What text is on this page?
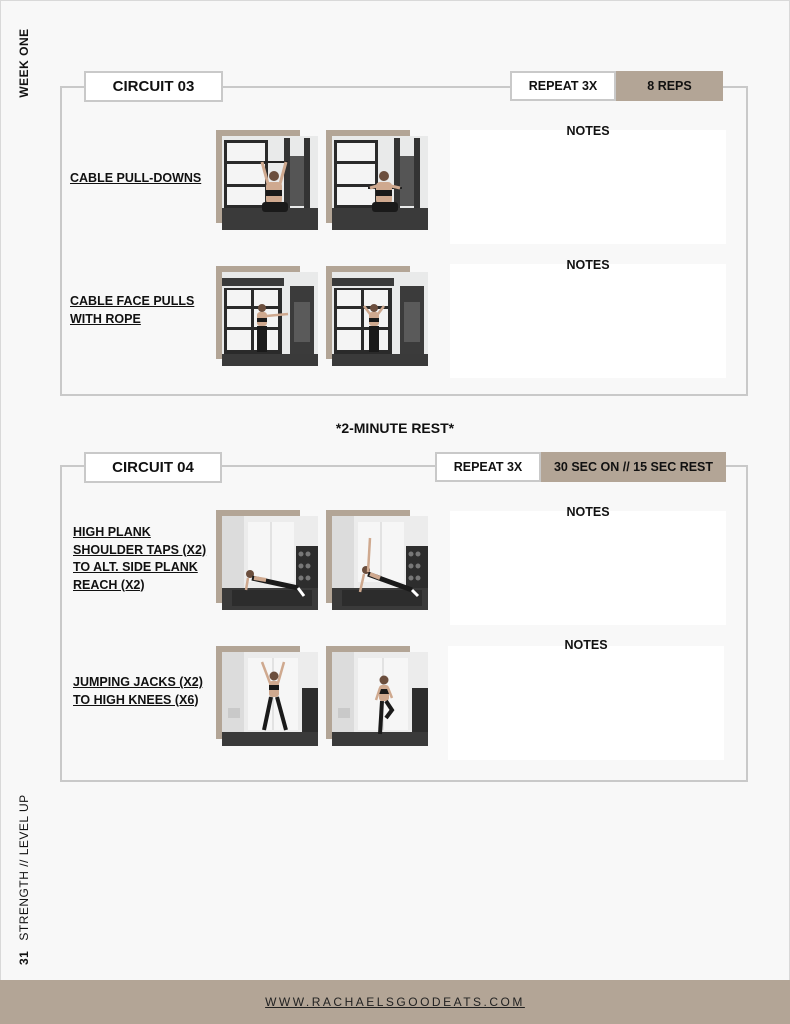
WEEK ONE
31STRENGTH // LEVEL UP
CIRCUIT 03	REPEAT 3X	8 REPS
CABLE PULL-DOWNS
NOTES
CABLE FACE PULLS
WITH ROPE
NOTES
*2-MINUTE REST*
CIRCUIT 04	REPEAT 3X	30 SEC ON // 15 SEC REST
HIGH PLANK
SHOULDER TAPS (X2)
TO ALT. SIDE PLANK
REACH (X2)
NOTES
JUMPING JACKS (X2)
TO HIGH KNEES (X6)
NOTES
WWW.RACHAELSGOODEATS.COM
